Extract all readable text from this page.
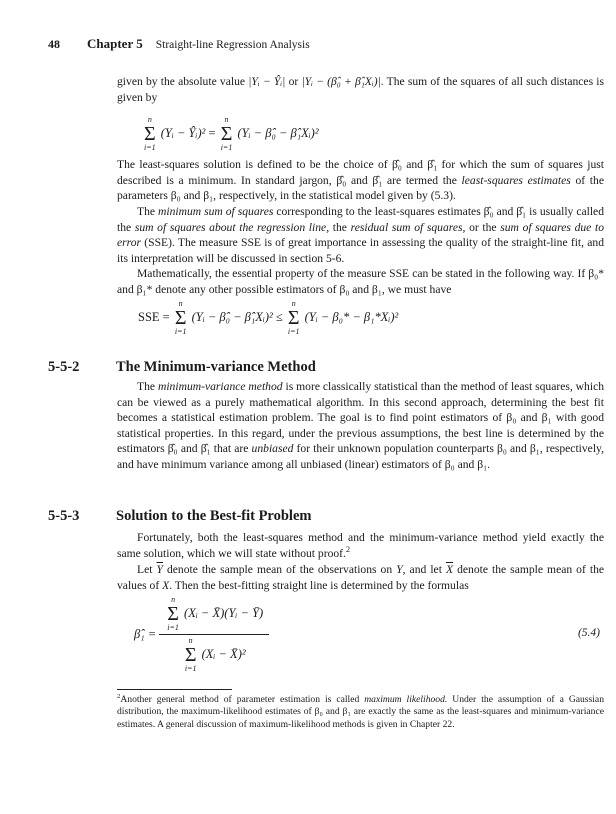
48 Chapter 5 Straight-line Regression Analysis
given by the absolute value |Yᵢ − Ŷᵢ| or |Yᵢ − (β̂₀ + β̂₁Xᵢ)|. The sum of the squares of all such distances is given by
n
Σ
i=1
(Yᵢ − Ŷᵢ)² =
n
Σ
i=1
(Yᵢ − β̂₀ − β̂₁Xᵢ)²
The least-squares solution is defined to be the choice of β̂₀ and β̂₁ for which the sum of squares just described is a minimum. In standard jargon, β̂₀ and β̂₁ are termed the least-squares estimates of the parameters β₀ and β₁, respectively, in the statistical model given by (5.3).
The minimum sum of squares corresponding to the least-squares estimates β̂₀ and β̂₁ is usually called the sum of squares about the regression line, the residual sum of squares, or the sum of squares due to error (SSE). The measure SSE is of great importance in assessing the quality of the straight-line fit, and its interpretation will be discussed in section 5-6.
Mathematically, the essential property of the measure SSE can be stated in the following way. If β₀* and β₁* denote any other possible estimators of β₀ and β₁, we must have
SSE =
n
Σ
i=1
(Yᵢ − β̂₀ − β̂₁Xᵢ)² ≤
n
Σ
i=1
(Yᵢ − β₀* − β₁*Xᵢ)²
5-5-2	The Minimum-variance Method
The minimum-variance method is more classically statistical than the method of least squares, which can be viewed as a purely mathematical algorithm. In this second approach, determining the best fit becomes a statistical estimation problem. The goal is to find point estimators of β₀ and β₁ with good statistical properties. In this regard, under the previous assumptions, the best line is determined by the estimators β̂₀ and β̂₁ that are unbiased for their unknown population counterparts β₀ and β₁, respectively, and have minimum variance among all unbiased (linear) estimators of β₀ and β₁.
5-5-3	Solution to the Best-fit Problem
Fortunately, both the least-squares method and the minimum-variance method yield exactly the same solution, which we will state without proof.$^2$
Let $\overline{Y}$ denote the sample mean of the observations on Y, and let $\overline{X}$ denote the sample mean of the values of X. Then the best-fitting straight line is determined by the formulas
β̂₁ = n
Σ
i=1
(Xᵢ − X̄)(Yᵢ − Ȳ)
n
Σ
i=1
(Xᵢ − X̄)²	(5.4)
$^2$Another general method of parameter estimation is called maximum likelihood. Under the assumption of a Gaussian distribution, the maximum-likelihood estimates of β₀ and β₁ are exactly the same as the least-squares and minimum-variance estimates. A general discussion of maximum-likelihood methods is given in Chapter 22.
